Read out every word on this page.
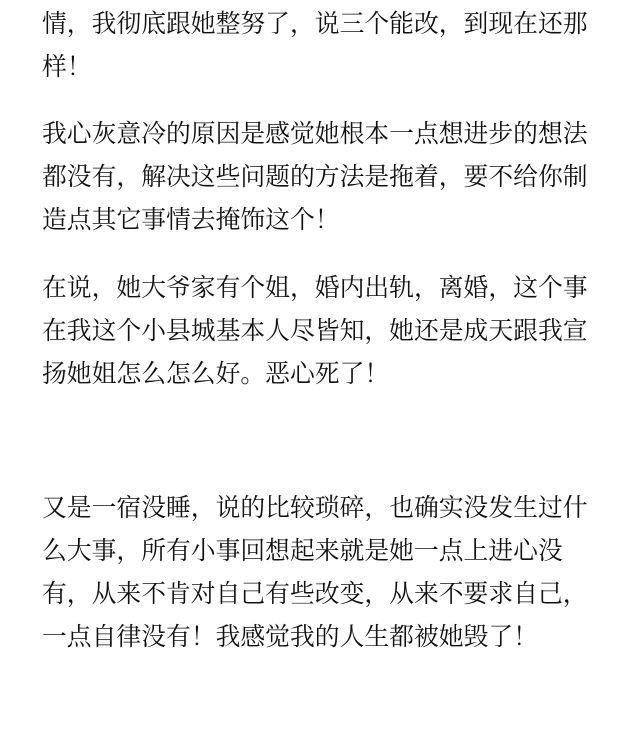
情，我彻底跟她整努了，说三个能改，到现在还那
样！
我心灰意冷的原因是感觉她根本一点想进步的想法
都没有，解决这些问题的方法是拖着，要不给你制
造点其它事情去掩饰这个！
在说，她大爷家有个姐，婚内出轨，离婚，这个事
在我这个小县城基本人尽皆知，她还是成天跟我宣
扬她姐怎么怎么好。恶心死了！
又是一宿没睡，说的比较琐碎，也确实没发生过什
么大事，所有小事回想起来就是她一点上进心没
有，从来不肯对自己有些改变，从来不要求自己，
一点自律没有！我感觉我的人生都被她毁了！
